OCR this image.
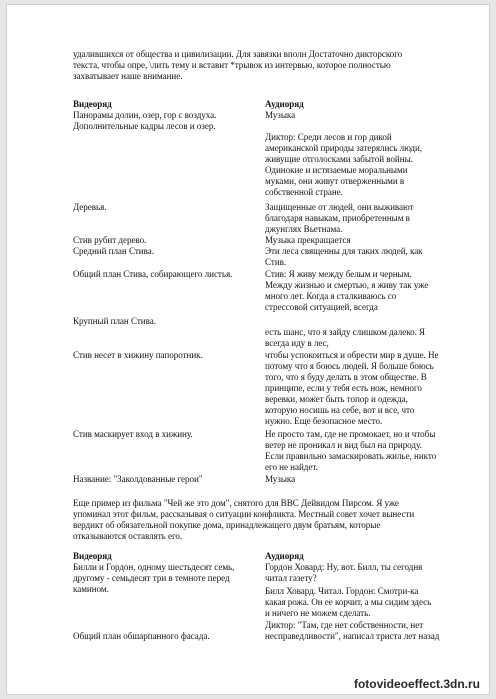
удалившихся от общества и цивилизации. Для завязки вполн Достаточно дикторского
текста, чтобы опре, \лить тему и вставит *трывок из интервью, которое полностью
захватывает наше внимание.
Видеоряд	Аудиоряд
Панорамы долин, озер, гор с воздуха.
Дополнительные кадры лесов и озер.
Деревья.
Стив рубит дерево.
Средний план Стива.
Общий план Стива, собирающего листья.
Крупный план Стива.
Стив несет в хижину папоротник.
Стив маскирует вход в хижину.
Название: "Заколдованные герои"
Музыка
Диктор: Среди лесов и гор дикой
американской природы затерялись люди,
живущие отголосками забытой войны.
Одинокие и истязаемые моральными
муками, они живут отверженными в
собственной стране.
Защищенные от людей, они выживают
благодаря навыкам, приобретенным в
джунглях Вьетнама.
Музыка прекращается
Эти леса священны для таких людей, как
Стив.
Стив: Я живу между белым и черным.
Между жизнью и смертью, я живу так уже
много лет. Когда я сталкиваюсь со
стрессовой ситуацией, всегда
есть шанс, что я зайду слишком далеко. Я
всегда иду в лес,
чтобы успокоиться и обрести мир в душе. Не
потому что я боюсь людей. Я больше боюсь
того, что я буду делать в этом обществе. В
принципе, если у тебя есть нож, немного
веревки, может быть топор и одежда,
которую носишь на себе, вот и все, что
нужно. Еще безопасное место.
Не просто там, где не промокает, но и чтобы
ветер не проникал и вид был на природу.
Если правильно замаскировать жилье, никто
его не найдет.
Музыка
Еще пример из фильма "Чей же это дом", снятого для BBC Дейвидом Пирсом. Я уже
упоминал этот фильм, рассказывая о ситуации конфликта. Местный совет хочет вынести
вердикт об обязательной покупке дома, принадлежащего двум братьям, которые
отказываются оставлять его.
Видеоряд	Аудиоряд
Билли и Гордон, одному шестьдесят семь,
другому - семьдесят три в темноте перед
камином.
Общий план обшарпанного фасада.
Гордон Ховард: Ну, вот. Билл, ты сегодня
читал газету?
Билл Ховард. Читал. Гордон: Смотри-ка
какая рожа. Он ее корчит, а мы сидим здесь
и ничего не можем сделать.
Диктор: "Там, где нет собственности, нет
несправедливости", написал триста лет назад
fotovideoeffect.3dn.ru
